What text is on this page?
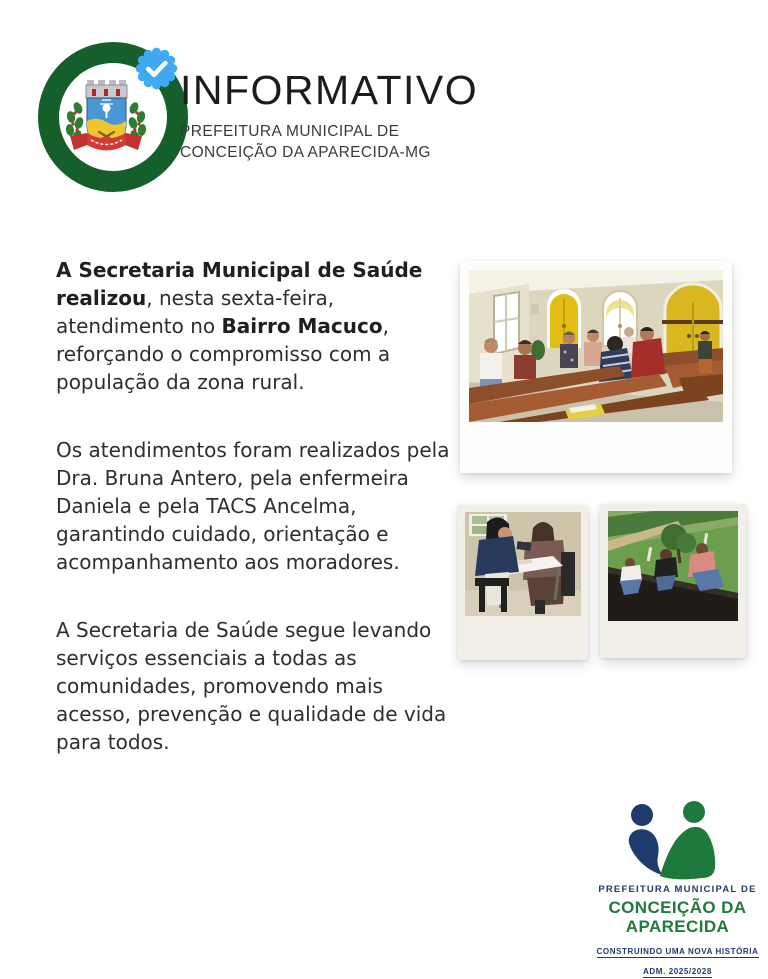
INFORMATIVO
PREFEITURA MUNICIPAL DE
CONCEIÇÃO DA APARECIDA-MG

A Secretaria Municipal de Saúde realizou, nesta sexta-feira, atendimento no Bairro Macuco, reforçando o compromisso com a população da zona rural.

Os atendimentos foram realizados pela Dra. Bruna Antero, pela enfermeira Daniela e pela TACS Ancelma, garantindo cuidado, orientação e acompanhamento aos moradores.

A Secretaria de Saúde segue levando serviços essenciais a todas as comunidades, promovendo mais acesso, prevenção e qualidade de vida para todos.

PREFEITURA MUNICIPAL DE
CONCEIÇÃO DA
APARECIDA
CONSTRUINDO UMA NOVA HISTÓRIA
ADM. 2025/2028
